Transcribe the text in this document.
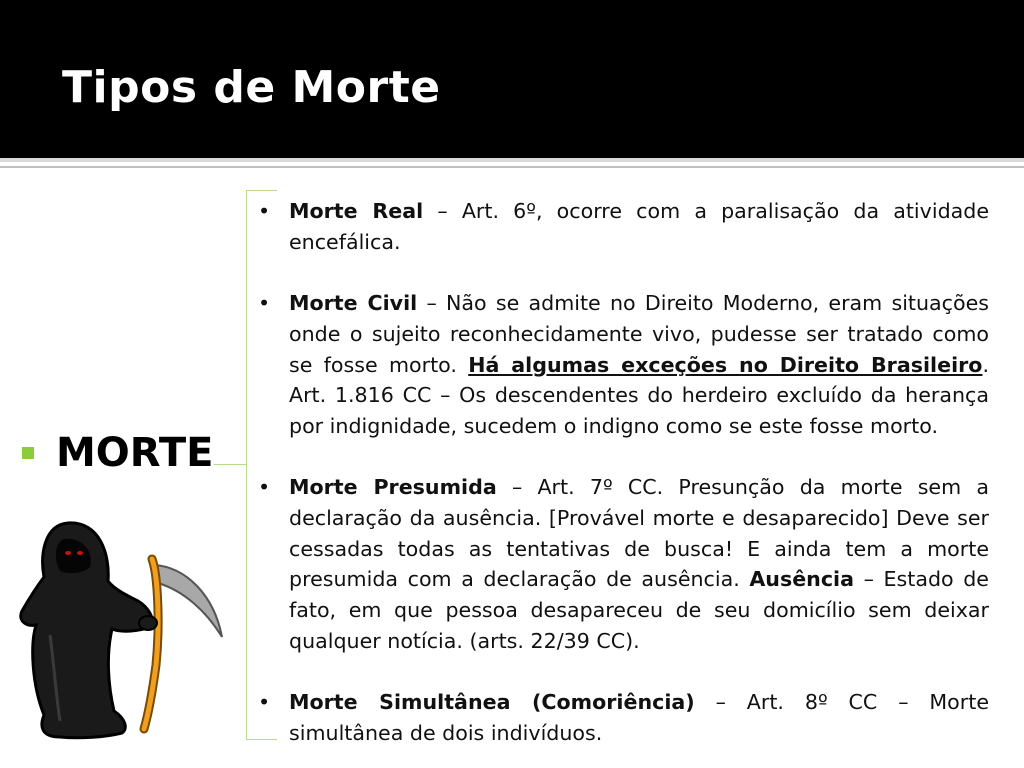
Tipos de Morte
MORTE
• Morte Real – Art. 6º, ocorre com a paralisação da atividade encefálica.
• Morte Civil – Não se admite no Direito Moderno, eram situações onde o sujeito reconhecidamente vivo, pudesse ser tratado como se fosse morto. Há algumas exceções no Direito Brasileiro. Art. 1.816 CC – Os descendentes do herdeiro excluído da herança por indignidade, sucedem o indigno como se este fosse morto.
• Morte Presumida – Art. 7º CC. Presunção da morte sem a declaração da ausência. [Provável morte e desaparecido] Deve ser cessadas todas as tentativas de busca! E ainda tem a morte presumida com a declaração de ausência. Ausência – Estado de fato, em que pessoa desapareceu de seu domicílio sem deixar qualquer notícia. (arts. 22/39 CC).
• Morte Simultânea (Comoriência) – Art. 8º CC – Morte simultânea de dois indivíduos.
